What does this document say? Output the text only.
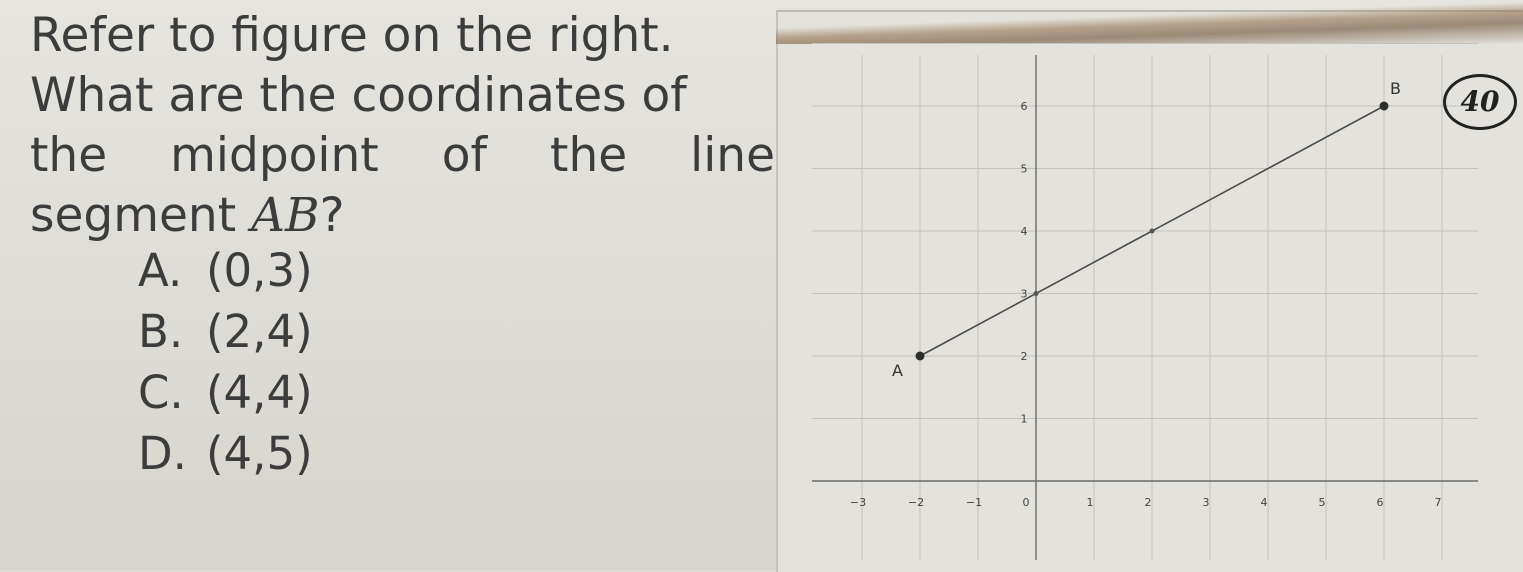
Refer to figure on the right.
What are the coordinates of
the midpoint of the line
segment AB?
A. (0,3)
B. (2,4)
C. (4,4)
D. (4,5)
−3	−2	−1	0	1	2	3	4	5	6	7
1
2
3
4
5
6
A
B	40
